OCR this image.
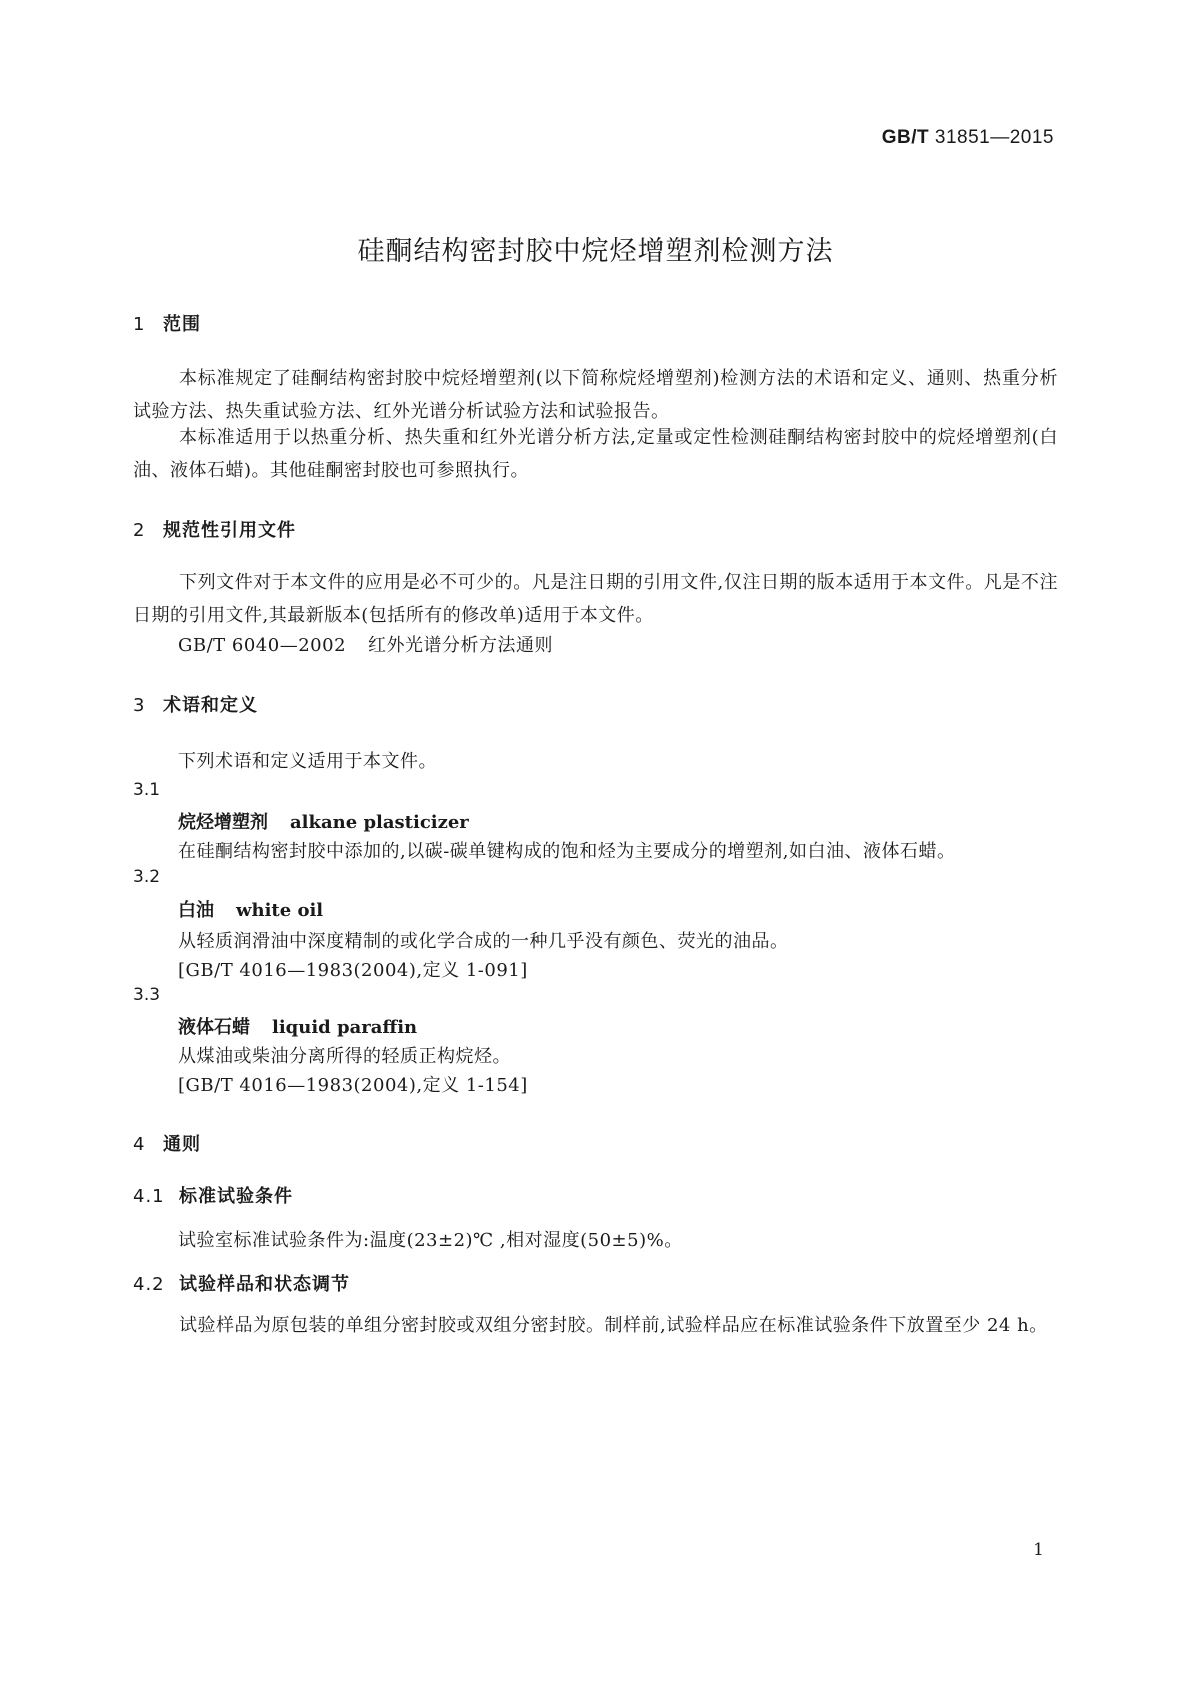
GB/T 31851—2015
硅酮结构密封胶中烷烃增塑剂检测方法
1 范围
本标准规定了硅酮结构密封胶中烷烃增塑剂(以下简称烷烃增塑剂)检测方法的术语和定义、通则、热重分析试验方法、热失重试验方法、红外光谱分析试验方法和试验报告。
本标准适用于以热重分析、热失重和红外光谱分析方法,定量或定性检测硅酮结构密封胶中的烷烃增塑剂(白油、液体石蜡)。其他硅酮密封胶也可参照执行。
2 规范性引用文件
下列文件对于本文件的应用是必不可少的。凡是注日期的引用文件,仅注日期的版本适用于本文件。凡是不注日期的引用文件,其最新版本(包括所有的修改单)适用于本文件。
GB/T 6040—2002 红外光谱分析方法通则
3 术语和定义
下列术语和定义适用于本文件。
3.1
烷烃增塑剂 alkane plasticizer
在硅酮结构密封胶中添加的,以碳-碳单键构成的饱和烃为主要成分的增塑剂,如白油、液体石蜡。
3.2
白油 white oil
从轻质润滑油中深度精制的或化学合成的一种几乎没有颜色、荧光的油品。
[GB/T 4016—1983(2004),定义 1-091]
3.3
液体石蜡 liquid paraffin
从煤油或柴油分离所得的轻质正构烷烃。
[GB/T 4016—1983(2004),定义 1-154]
4 通则
4.1 标准试验条件
试验室标准试验条件为:温度(23±2)℃ ,相对湿度(50±5)%。
4.2 试验样品和状态调节
试验样品为原包装的单组分密封胶或双组分密封胶。制样前,试验样品应在标准试验条件下放置至少 24 h。
1
